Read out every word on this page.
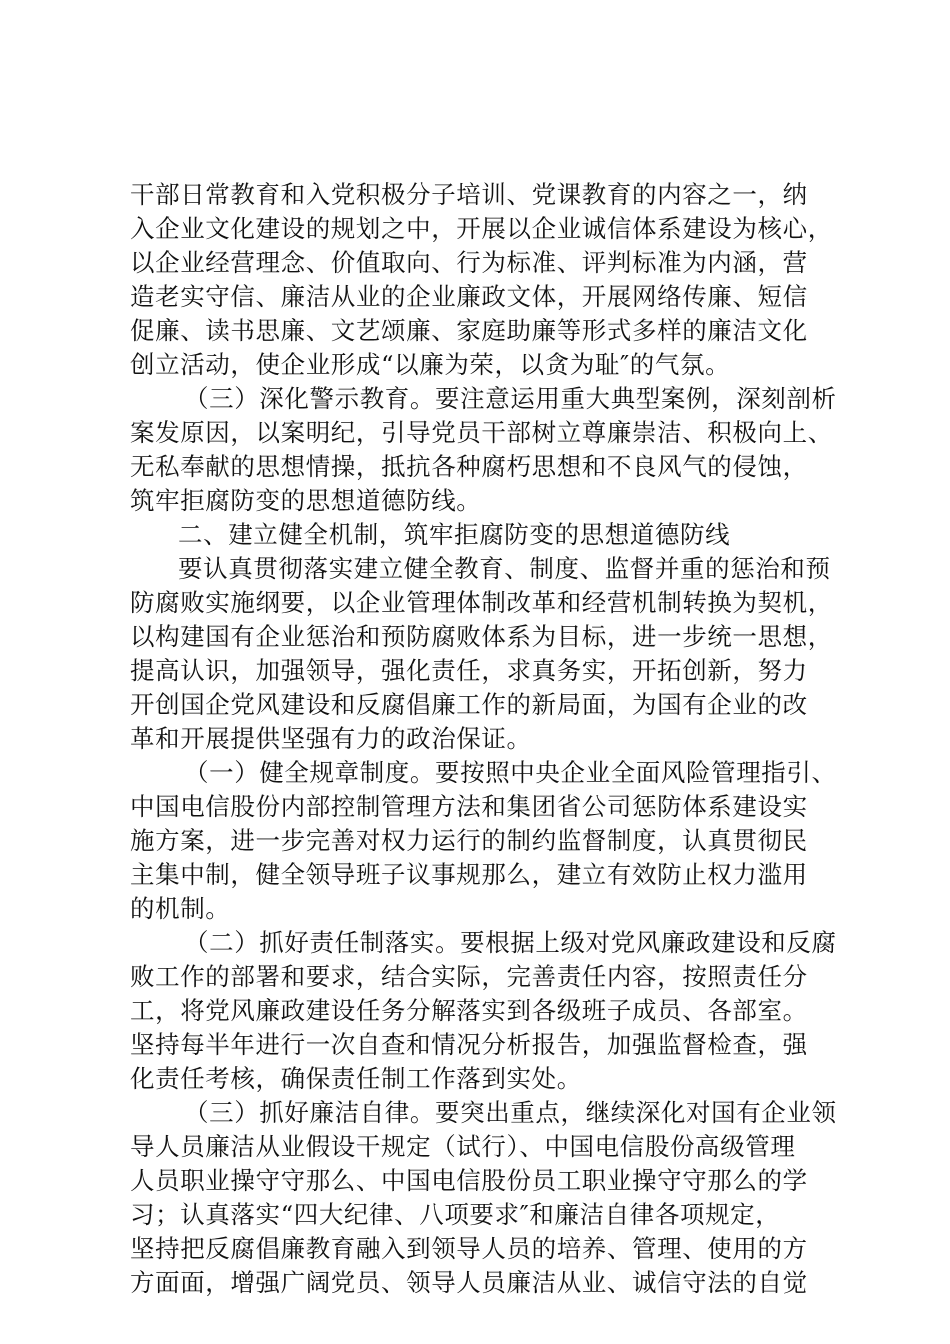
干部日常教育和入党积极分子培训、党课教育的内容之一，纳
入企业文化建设的规划之中，开展以企业诚信体系建设为核心，
以企业经营理念、价值取向、行为标准、评判标准为内涵，营
造老实守信、廉洁从业的企业廉政文体，开展网络传廉、短信
促廉、读书思廉、文艺颂廉、家庭助廉等形式多样的廉洁文化
创立活动，使企业形成“以廉为荣，以贪为耻″的气氛。
（三）深化警示教育。要注意运用重大典型案例，深刻剖析
案发原因，以案明纪，引导党员干部树立尊廉崇洁、积极向上、
无私奉献的思想情操，抵抗各种腐朽思想和不良风气的侵蚀，
筑牢拒腐防变的思想道德防线。
二、建立健全机制，筑牢拒腐防变的思想道德防线
要认真贯彻落实建立健全教育、制度、监督并重的惩治和预
防腐败实施纲要，以企业管理体制改革和经营机制转换为契机，
以构建国有企业惩治和预防腐败体系为目标，进一步统一思想，
提高认识，加强领导，强化责任，求真务实，开拓创新，努力
开创国企党风建设和反腐倡廉工作的新局面，为国有企业的改
革和开展提供坚强有力的政治保证。
（一）健全规章制度。要按照中央企业全面风险管理指引、
中国电信股份内部控制管理方法和集团省公司惩防体系建设实
施方案，进一步完善对权力运行的制约监督制度，认真贯彻民
主集中制，健全领导班子议事规那么，建立有效防止权力滥用
的机制。
（二）抓好责任制落实。要根据上级对党风廉政建设和反腐
败工作的部署和要求，结合实际，完善责任内容，按照责任分
工，将党风廉政建设任务分解落实到各级班子成员、各部室。
坚持每半年进行一次自查和情况分析报告，加强监督检查，强
化责任考核，确保责任制工作落到实处。
（三）抓好廉洁自律。要突出重点，继续深化对国有企业领
导人员廉洁从业假设干规定（试行）、中国电信股份高级管理
人员职业操守守那么、中国电信股份员工职业操守守那么的学
习；认真落实“四大纪律、八项要求″和廉洁自律各项规定，
坚持把反腐倡廉教育融入到领导人员的培养、管理、使用的方
方面面，增强广阔党员、领导人员廉洁从业、诚信守法的自觉
